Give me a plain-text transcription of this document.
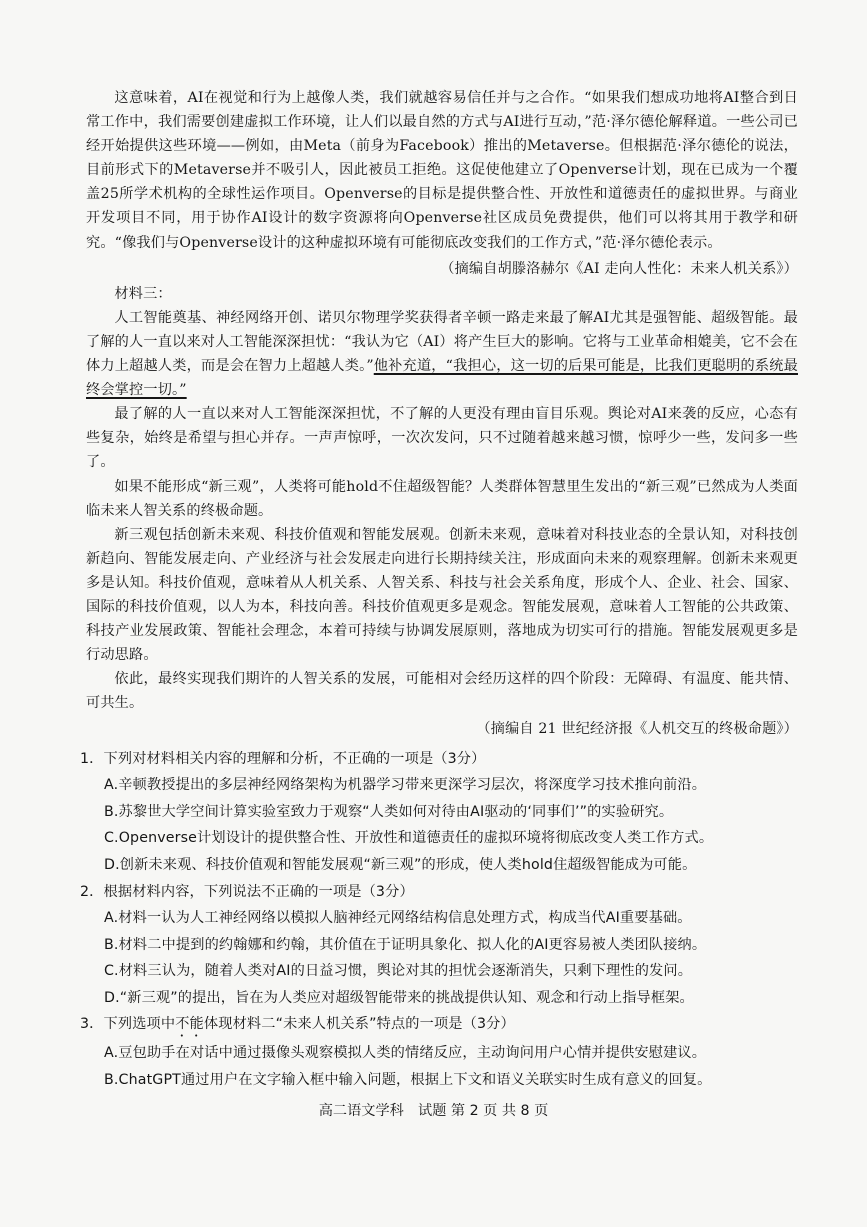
这意味着，AI在视觉和行为上越像人类，我们就越容易信任并与之合作。“如果我们想成功地将AI整合到日常工作中，我们需要创建虚拟工作环境，让人们以最自然的方式与AI进行互动，”范·泽尔德伦解释道。一些公司已经开始提供这些环境——例如，由Meta（前身为Facebook）推出的Metaverse。但根据范·泽尔德伦的说法，目前形式下的Metaverse并不吸引人，因此被员工拒绝。这促使他建立了Openverse计划，现在已成为一个覆盖25所学术机构的全球性运作项目。Openverse的目标是提供整合性、开放性和道德责任的虚拟世界。与商业开发项目不同，用于协作AI设计的数字资源将向Openverse社区成员免费提供，他们可以将其用于教学和研究。“像我们与Openverse设计的这种虚拟环境有可能彻底改变我们的工作方式，”范·泽尔德伦表示。

（摘编自胡滕洛赫尔《AI 走向人性化：未来人机关系》）

材料三：

人工智能奠基、神经网络开创、诺贝尔物理学奖获得者辛顿一路走来最了解AI尤其是强智能、超级智能。最了解的人一直以来对人工智能深深担忧：“我认为它（AI）将产生巨大的影响。它将与工业革命相媲美，它不会在体力上超越人类，而是会在智力上超越人类。”他补充道，“我担心，这一切的后果可能是，比我们更聪明的系统最终会掌控一切。”

最了解的人一直以来对人工智能深深担忧，不了解的人更没有理由盲目乐观。舆论对AI来袭的反应，心态有些复杂，始终是希望与担心并存。一声声惊呼，一次次发问，只不过随着越来越习惯，惊呼少一些，发问多一些了。

如果不能形成“新三观”，人类将可能hold不住超级智能？人类群体智慧里生发出的“新三观”已然成为人类面临未来人智关系的终极命题。

新三观包括创新未来观、科技价值观和智能发展观。创新未来观，意味着对科技业态的全景认知，对科技创新趋向、智能发展走向、产业经济与社会发展走向进行长期持续关注，形成面向未来的观察理解。创新未来观更多是认知。科技价值观，意味着从人机关系、人智关系、科技与社会关系角度，形成个人、企业、社会、国家、国际的科技价值观，以人为本，科技向善。科技价值观更多是观念。智能发展观，意味着人工智能的公共政策、科技产业发展政策、智能社会理念，本着可持续与协调发展原则，落地成为切实可行的措施。智能发展观更多是行动思路。

依此，最终实现我们期许的人智关系的发展，可能相对会经历这样的四个阶段：无障碍、有温度、能共情、可共生。

（摘编自 21 世纪经济报《人机交互的终极命题》）

1．下列对材料相关内容的理解和分析，不正确的一项是（3分）

A.辛顿教授提出的多层神经网络架构为机器学习带来更深学习层次，将深度学习技术推向前沿。

B.苏黎世大学空间计算实验室致力于观察“人类如何对待由AI驱动的‘同事们’”的实验研究。

C.Openverse计划设计的提供整合性、开放性和道德责任的虚拟环境将彻底改变人类工作方式。

D.创新未来观、科技价值观和智能发展观“新三观”的形成，使人类hold住超级智能成为可能。

2．根据材料内容，下列说法不正确的一项是（3分）

A.材料一认为人工神经网络以模拟人脑神经元网络结构信息处理方式，构成当代AI重要基础。

B.材料二中提到的约翰娜和约翰，其价值在于证明具象化、拟人化的AI更容易被人类团队接纳。

C.材料三认为，随着人类对AI的日益习惯，舆论对其的担忧会逐渐消失，只剩下理性的发问。

D.“新三观”的提出，旨在为人类应对超级智能带来的挑战提供认知、观念和行动上指导框架。

3．下列选项中不能体现材料二“未来人机关系”特点的一项是（3分）

A.豆包助手在对话中通过摄像头观察模拟人类的情绪反应，主动询问用户心情并提供安慰建议。

B.ChatGPT通过用户在文字输入框中输入问题，根据上下文和语义关联实时生成有意义的回复。

高二语文学科　试题 第 2 页 共 8 页
